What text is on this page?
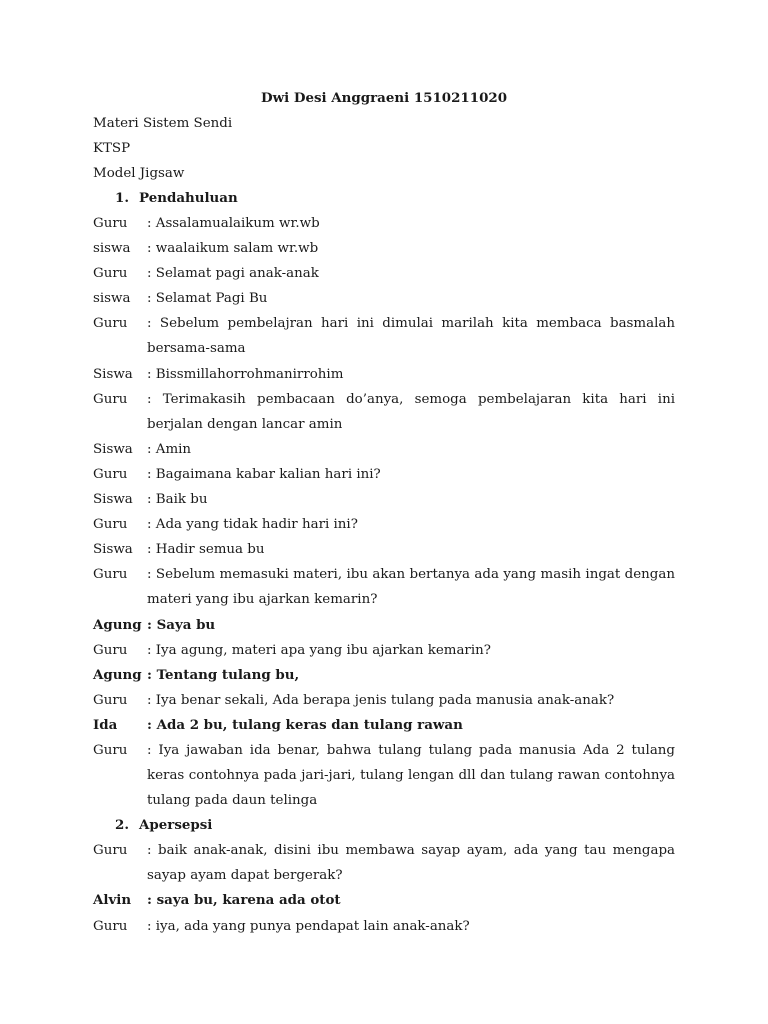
Dwi Desi Anggraeni 1510211020
Materi Sistem Sendi
KTSP
Model Jigsaw
1. Pendahuluan
Guru	: Assalamualaikum wr.wb
siswa	: waalaikum salam wr.wb
Guru	: Selamat pagi anak-anak
siswa	: Selamat Pagi Bu
Guru	: Sebelum pembelajran hari ini dimulai marilah kita membaca basmalah bersama-sama
Siswa	: Bissmillahorrohmanirrohim
Guru	: Terimakasih pembacaan do’anya, semoga pembelajaran kita hari ini berjalan dengan lancar amin
Siswa	: Amin
Guru	: Bagaimana kabar kalian hari ini?
Siswa	: Baik bu
Guru	: Ada yang tidak hadir hari ini?
Siswa	: Hadir semua bu
Guru	: Sebelum memasuki materi, ibu akan bertanya ada yang masih ingat dengan materi yang ibu ajarkan kemarin?
Agung : Saya bu
Guru	: Iya agung, materi apa yang ibu ajarkan kemarin?
Agung : Tentang tulang bu,
Guru	: Iya benar sekali, Ada berapa jenis tulang pada manusia anak-anak?
Ida	: Ada 2 bu, tulang keras dan tulang rawan
Guru	: Iya jawaban ida benar, bahwa tulang tulang pada manusia Ada 2 tulang keras contohnya pada jari-jari, tulang lengan dll dan tulang rawan contohnya tulang pada daun telinga
2. Apersepsi
Guru	: baik anak-anak, disini ibu membawa sayap ayam, ada yang tau mengapa sayap ayam dapat bergerak?
Alvin	: saya bu, karena ada otot
Guru	: iya, ada yang punya pendapat lain anak-anak?
